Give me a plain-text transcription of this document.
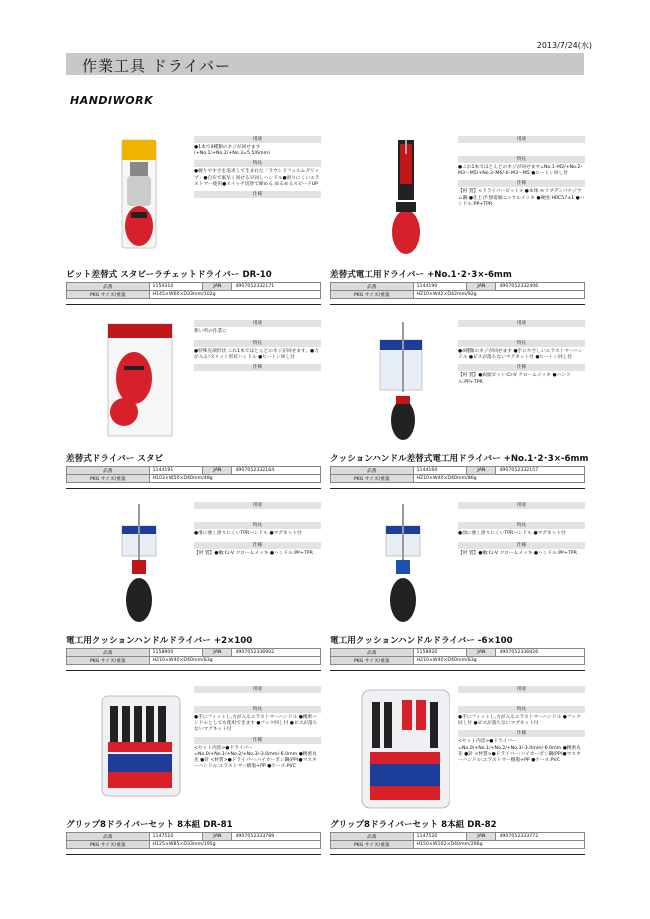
2013/7/24(水)
作業工具 ドライバー
HANDIWORK
用途
●1本で4種類のネジが回せます(+No.1/+No.2/+No.3=5.5/6mm)
特長
●握りやすさを追求して生まれた「ラウンドフォルムグリップ」●自在で素早く回せる早回しハンドル●滑りにくいエラストマー使用●スイッチ切替で締める,ゆるめるスピードUP
仕様
ビット差替式 スタビーラチェットドライバー DR-10
品番	1150310	JAN	4907052332171
PKG サイズ/重量	H145×W60×D33mm/102g		
用途
特長
●これ1本でほとんどのネジが回せます=No.1･M2/+No.2･M3〜M5/+No.3･M6/-6･M3〜M5 ●ヒートン回し付
仕様
【材 質】<ドライバービット> ●本体:モリブデンバナジウム鋼 ●仕上げ:無電解ニッケルメッキ ●硬度:HRC57±1 ●ハンドル:PP+TPR
差替式電工用ドライバー +No.1･2･3×-6mm
品番	1144190	JAN	4907052332406
PKG サイズ/重量	H210×W42×D42mm/92g		
用途
狭い所の作業に
特長
●特殊先端形状 これ1本でほとんどのネジが回せます。●力が入る!スリット形状ハンドル ●ヒートン回し付
仕様
差替式ドライバー スタビ
品番	1144191	JAN	4907052332164
PKG サイズ/重量	H103×W50×D40mm/48g		
用途
特長
●4種類のネジが回せます ●手にやさしいエラストマーハンドル ●ビスが落ちないマグネット付 ●ヒートン回し付
仕様
【材 質】●両頭ビット:Cr-V クロームメッキ ●ハンドル:PP+TPR
クッションハンドル差替式電工用ドライバー +No.1･2･3×-6mm
品番	1144160	JAN	4907052332157
PKG サイズ/重量	H210×W40×D40mm/86g		
用途
特長
●滑に強く滑りにくいTPRハンドル ●マグネット付
仕様
【材 質】●軸:Cr-V クロームメッキ ●ハンドル:PP+TPR
電工用クッションハンドルドライバー +2×100
品番	1158900	JAN	4907052336902
PKG サイズ/重量	H210×W40×D40mm/83g		
用途
特長
●油に強く滑りにくいTPRハンドル ●マグネット付
仕様
【材 質】●軸:Cr-V クロームメッキ ●ハンドル:PP+TPR
電工用クッションハンドルドライバー -6×100
品番	1158920	JAN	4907052336926
PKG サイズ/重量	H210×W40×D40mm/83g		
用途
特長
●手にフィットし,力が入るエラストマーハンドル ●精密ハンドルとしても使用できます ●フック回し付 ●ビスが落ちないマグネット付
仕様
<セット内容>●ドライバー=No.0/+No.1/+No.2/+No.3/-3.0mm/-6.0mm ●精密丸先 ●針 <材質>●ドライバー:ハイカーボン鋼(PP)●マスターハンドル:エラストマー樹脂+PP ●ケース:PVC
グリップ8ドライバーセット 8本組 DR-81
品番	1147510	JAN	4907052333789
PKG サイズ/重量	H125×W85×D33mm/195g		
用途
特長
●手にフィットし,力が入るエラストマーハンドル ●フック回し付 ●ビスが落ちないマグネット付
仕様
<セット内容>●ドライバー=No.0/+No.1/+No.2/+No.3/-3.0mm/-6.0mm ●精密丸先 ●針 <材質>●ドライバー:ハイカーボン鋼(PP)●マスターハンドル:エラストマー樹脂+PP ●ケース:PVC
グリップ8ドライバーセット 8本組 DR-82
品番	1147520	JAN	4907052333772
PKG サイズ/重量	H150×W102×D40mm/296g		
